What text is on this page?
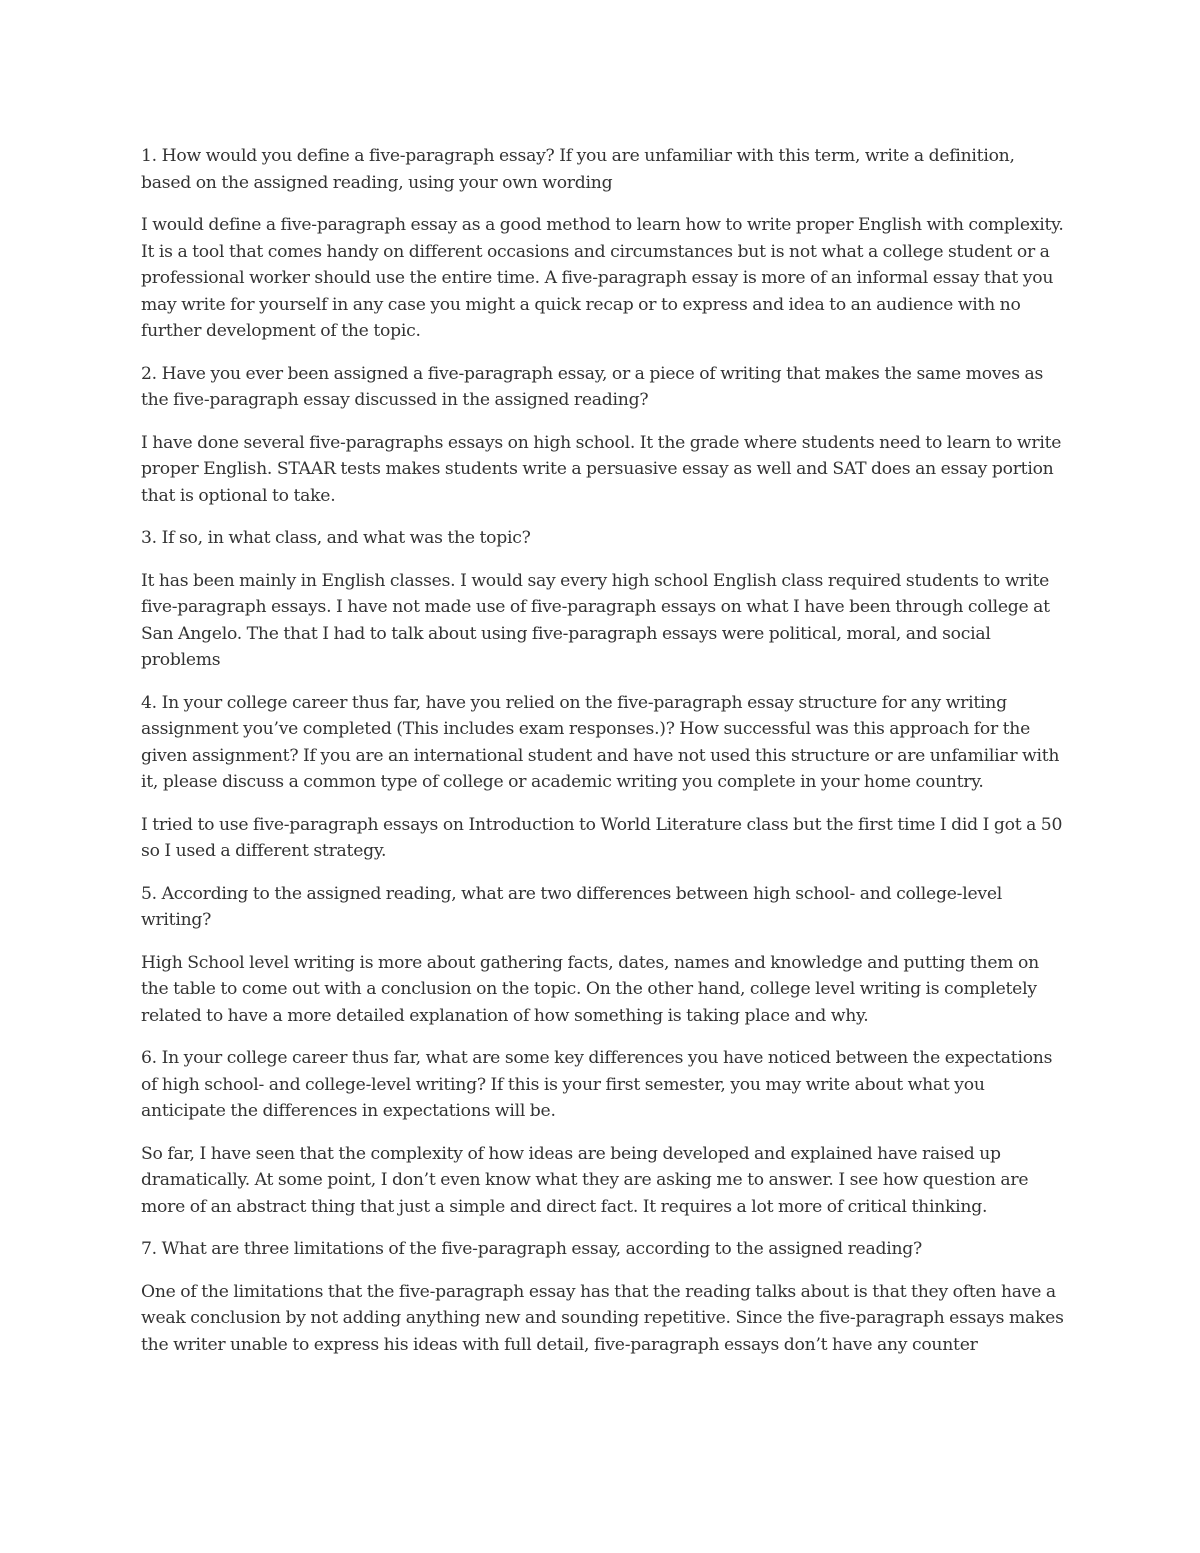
1. How would you define a five-paragraph essay? If you are unfamiliar with this term, write a definition, based on the assigned reading, using your own wording

I would define a five-paragraph essay as a good method to learn how to write proper English with complexity. It is a tool that comes handy on different occasions and circumstances but is not what a college student or a professional worker should use the entire time. A five-paragraph essay is more of an informal essay that you may write for yourself in any case you might a quick recap or to express and idea to an audience with no further development of the topic.

2. Have you ever been assigned a five-paragraph essay, or a piece of writing that makes the same moves as the five-paragraph essay discussed in the assigned reading?

I have done several five-paragraphs essays on high school. It the grade where students need to learn to write proper English. STAAR tests makes students write a persuasive essay as well and SAT does an essay portion that is optional to take.

3. If so, in what class, and what was the topic?

It has been mainly in English classes. I would say every high school English class required students to write five-paragraph essays. I have not made use of five-paragraph essays on what I have been through college at San Angelo. The that I had to talk about using five-paragraph essays were political, moral, and social problems

4. In your college career thus far, have you relied on the five-paragraph essay structure for any writing assignment you’ve completed (This includes exam responses.)? How successful was this approach for the given assignment? If you are an international student and have not used this structure or are unfamiliar with it, please discuss a common type of college or academic writing you complete in your home country.

I tried to use five-paragraph essays on Introduction to World Literature class but the first time I did I got a 50 so I used a different strategy.

5. According to the assigned reading, what are two differences between high school- and college-level writing?

High School level writing is more about gathering facts, dates, names and knowledge and putting them on the table to come out with a conclusion on the topic. On the other hand, college level writing is completely related to have a more detailed explanation of how something is taking place and why.

6. In your college career thus far, what are some key differences you have noticed between the expectations of high school- and college-level writing? If this is your first semester, you may write about what you anticipate the differences in expectations will be.

So far, I have seen that the complexity of how ideas are being developed and explained have raised up dramatically. At some point, I don’t even know what they are asking me to answer. I see how question are more of an abstract thing that just a simple and direct fact. It requires a lot more of critical thinking.

7. What are three limitations of the five-paragraph essay, according to the assigned reading?

One of the limitations that the five-paragraph essay has that the reading talks about is that they often have a weak conclusion by not adding anything new and sounding repetitive. Since the five-paragraph essays makes the writer unable to express his ideas with full detail, five-paragraph essays don’t have any counter
